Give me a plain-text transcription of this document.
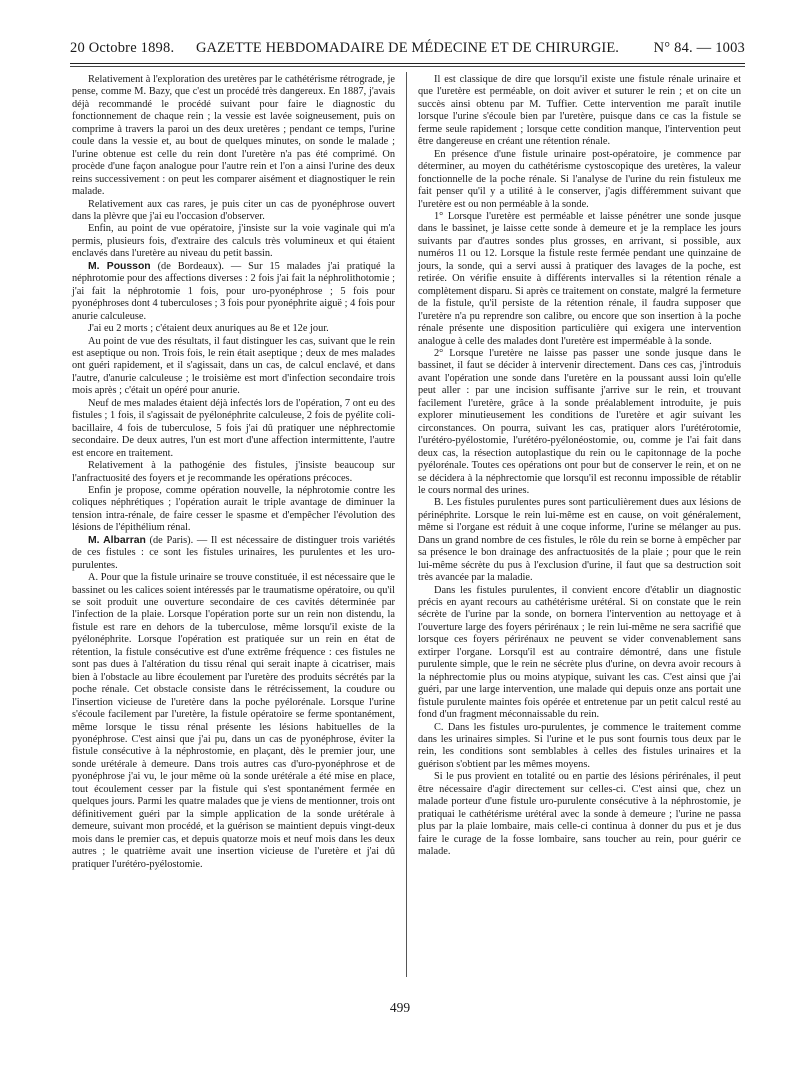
20 Octobre 1898.	GAZETTE HEBDOMADAIRE DE MÉDECINE ET DE CHIRURGIE.	N° 84. — 1003

Relativement à l'exploration des uretères par le cathétérisme rétrograde, je pense, comme M. Bazy, que c'est un procédé très dangereux. En 1887, j'avais déjà recommandé le procédé suivant pour faire le diagnostic du fonctionnement de chaque rein ; la vessie est lavée soigneusement, puis on comprime à travers la paroi un des deux uretères ; pendant ce temps, l'urine coule dans la vessie et, au bout de quelques minutes, on sonde le malade ; l'urine obtenue est celle du rein dont l'uretère n'a pas été comprimé. On procède d'une façon analogue pour l'autre rein et l'on a ainsi l'urine des deux reins successivement : on peut les comparer aisément et diagnostiquer le rein malade.

Relativement aux cas rares, je puis citer un cas de pyonéphrose ouvert dans la plèvre que j'ai eu l'occasion d'observer.

Enfin, au point de vue opératoire, j'insiste sur la voie vaginale qui m'a permis, plusieurs fois, d'extraire des calculs très volumineux et qui étaient enclavés dans l'uretère au niveau du petit bassin.

M. Pousson (de Bordeaux). — Sur 15 malades j'ai pratiqué la néphrotomie pour des affections diverses : 2 fois j'ai fait la néphrolithotomie ; j'ai fait la néphrotomie 1 fois, pour uro-pyonéphrose ; 5 fois pour pyonéphroses dont 4 tuberculoses ; 3 fois pour pyonéphrite aiguë ; 4 fois pour anurie calculeuse.

J'ai eu 2 morts ; c'étaient deux anuriques au 8e et 12e jour.

Au point de vue des résultats, il faut distinguer les cas, suivant que le rein est aseptique ou non. Trois fois, le rein était aseptique ; deux de mes malades ont guéri rapidement, et il s'agissait, dans un cas, de calcul enclavé, et dans l'autre, d'anurie calculeuse ; le troisième est mort d'infection secondaire trois mois après ; c'était un opéré pour anurie.

Neuf de mes malades étaient déjà infectés lors de l'opération, 7 ont eu des fistules ; 1 fois, il s'agissait de pyélonéphrite calculeuse, 2 fois de pyélite coli-bacillaire, 4 fois de tuberculose, 5 fois j'ai dû pratiquer une néphrectomie secondaire. De deux autres, l'un est mort d'une affection intermittente, l'autre est encore en traitement.

Relativement à la pathogénie des fistules, j'insiste beaucoup sur l'anfractuosité des foyers et je recommande les opérations précoces.

Enfin je propose, comme opération nouvelle, la néphrotomie contre les coliques néphrétiques ; l'opération aurait le triple avantage de diminuer la tension intra-rénale, de faire cesser le spasme et d'empêcher l'évolution des lésions de l'épithélium rénal.

M. Albarran (de Paris). — Il est nécessaire de distinguer trois variétés de ces fistules : ce sont les fistules urinaires, les purulentes et les uro-purulentes.

A. Pour que la fistule urinaire se trouve constituée, il est nécessaire que le bassinet ou les calices soient intéressés par le traumatisme opératoire, ou qu'il se soit produit une ouverture secondaire de ces cavités déterminée par l'infection de la plaie. Lorsque l'opération porte sur un rein non distendu, la fistule est rare en dehors de la tuberculose, même lorsqu'il existe de la pyélonéphrite. Lorsque l'opération est pratiquée sur un rein en état de rétention, la fistule consécutive est d'une extrême fréquence : ces fistules ne sont pas dues à l'altération du tissu rénal qui serait inapte à cicatriser, mais bien à l'obstacle au libre écoulement par l'uretère des produits sécrétés par la poche rénale. Cet obstacle consiste dans le rétrécissement, la coudure ou l'insertion vicieuse de l'uretère dans la poche pyélorénale. Lorsque l'urine s'écoule facilement par l'uretère, la fistule opératoire se ferme spontanément, même lorsque le tissu rénal présente les lésions habituelles de la pyonéphrose. C'est ainsi que j'ai pu, dans un cas de pyonéphrose, éviter la fistule consécutive à la néphrostomie, en plaçant, dès le premier jour, une sonde urétérale à demeure. Dans trois autres cas d'uro-pyonéphrose et de pyonéphrose j'ai vu, le jour même où la sonde urétérale a été mise en place, tout écoulement cesser par la fistule qui s'est spontanément fermée en quelques jours. Parmi les quatre malades que je viens de mentionner, trois ont définitivement guéri par la simple application de la sonde urétérale à demeure, suivant mon procédé, et la guérison se maintient depuis vingt-deux mois dans le premier cas, et depuis quatorze mois et neuf mois dans les deux autres ; le quatrième avait une insertion vicieuse de l'uretère et j'ai dû pratiquer l'urétéro-pyélostomie.

Il est classique de dire que lorsqu'il existe une fistule rénale urinaire et que l'uretère est perméable, on doit aviver et suturer le rein ; et on cite un succès ainsi obtenu par M. Tuffier. Cette intervention me paraît inutile lorsque l'urine s'écoule bien par l'uretère, puisque dans ce cas la fistule se ferme seule rapidement ; lorsque cette condition manque, l'intervention peut être dangereuse en créant une rétention rénale.

En présence d'une fistule urinaire post-opératoire, je commence par déterminer, au moyen du cathétérisme cystoscopique des uretères, la valeur fonctionnelle de la poche rénale. Si l'analyse de l'urine du rein fistuleux me fait penser qu'il y a utilité à le conserver, j'agis différemment suivant que l'uretère est ou non perméable à la sonde.

1° Lorsque l'uretère est perméable et laisse pénétrer une sonde jusque dans le bassinet, je laisse cette sonde à demeure et je la remplace les jours suivants par d'autres sondes plus grosses, en arrivant, si possible, aux numéros 11 ou 12. Lorsque la fistule reste fermée pendant une quinzaine de jours, la sonde, qui a servi aussi à pratiquer des lavages de la poche, est retirée. On vérifie ensuite à différents intervalles si la rétention rénale a complètement disparu. Si après ce traitement on constate, malgré la fermeture de la fistule, qu'il persiste de la rétention rénale, il faudra supposer que l'uretère n'a pu reprendre son calibre, ou encore que son insertion à la poche rénale présente une disposition particulière qui exigera une intervention analogue à celle des malades dont l'uretère est imperméable à la sonde.

2° Lorsque l'uretère ne laisse pas passer une sonde jusque dans le bassinet, il faut se décider à intervenir directement. Dans ces cas, j'introduis avant l'opération une sonde dans l'uretère en la poussant aussi loin qu'elle peut aller : par une incision suffisante j'arrive sur le rein, et trouvant facilement l'uretère, grâce à la sonde préalablement introduite, je puis explorer minutieusement les conditions de l'uretère et agir suivant les circonstances. On pourra, suivant les cas, pratiquer alors l'urétérotomie, l'urétéro-pyélostomie, l'urétéro-pyélonéostomie, ou, comme je l'ai fait dans deux cas, la résection autoplastique du rein ou le capitonnage de la poche pyélorénale. Toutes ces opérations ont pour but de conserver le rein, et on ne se décidera à la néphrectomie que lorsqu'il est reconnu impossible de rétablir le cours normal des urines.

B. Les fistules purulentes pures sont particulièrement dues aux lésions de périnéphrite. Lorsque le rein lui-même est en cause, on voit généralement, même si l'organe est réduit à une coque informe, l'urine se mélanger au pus. Dans un grand nombre de ces fistules, le rôle du rein se borne à empêcher par sa présence le bon drainage des anfractuosités de la plaie ; pour que le rein lui-même sécrète du pus à l'exclusion d'urine, il faut que sa destruction soit très avancée par la maladie.

Dans les fistules purulentes, il convient encore d'établir un diagnostic précis en ayant recours au cathétérisme urétéral. Si on constate que le rein sécrète de l'urine par la sonde, on bornera l'intervention au nettoyage et à l'ouverture large des foyers périrénaux ; le rein lui-même ne sera sacrifié que lorsque ces foyers périrénaux ne peuvent se vider convenablement sans extirper l'organe. Lorsqu'il est au contraire démontré, dans une fistule purulente simple, que le rein ne sécrète plus d'urine, on devra avoir recours à la néphrectomie plus ou moins atypique, suivant les cas. C'est ainsi que j'ai guéri, par une large intervention, une malade qui depuis onze ans portait une fistule purulente maintes fois opérée et entretenue par un petit calcul resté au fond d'un fragment méconnaissable du rein.

C. Dans les fistules uro-purulentes, je commence le traitement comme dans les urinaires simples. Si l'urine et le pus sont fournis tous deux par le rein, les conditions sont semblables à celles des fistules urinaires et la guérison s'obtient par les mêmes moyens.

Si le pus provient en totalité ou en partie des lésions périrénales, il peut être nécessaire d'agir directement sur celles-ci. C'est ainsi que, chez un malade porteur d'une fistule uro-purulente consécutive à la néphrostomie, je pratiquai le cathétérisme urétéral avec la sonde à demeure ; l'urine ne passa plus par la plaie lombaire, mais celle-ci continua à donner du pus et je dus faire le curage de la fosse lombaire, sans toucher au rein, pour guérir ce malade.

499
